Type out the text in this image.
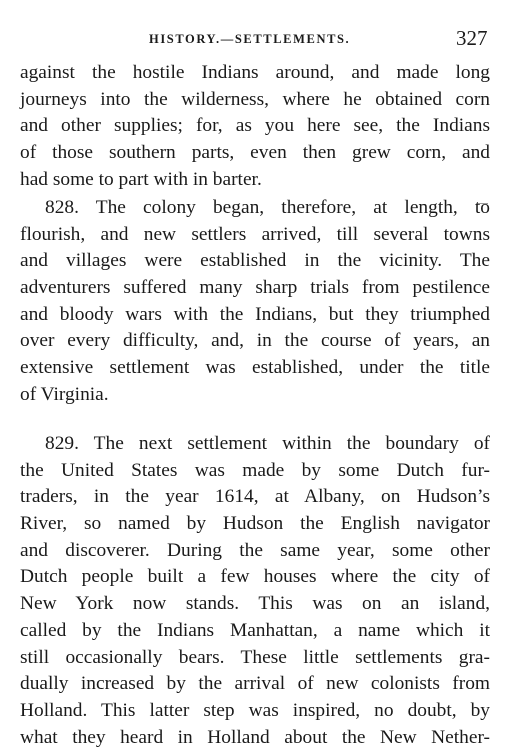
HISTORY.—SETTLEMENTS.	327
against the hostile Indians around, and made long
journeys into the wilderness, where he obtained corn
and other supplies; for, as you here see, the Indians
of those southern parts, even then grew corn, and
had some to part with in barter.
828. The colony began, therefore, at length, to
flourish, and new settlers arrived, till several towns
and villages were established in the vicinity. The
adventurers suffered many sharp trials from pestilence
and bloody wars with the Indians, but they triumphed
over every difficulty, and, in the course of years, an
extensive settlement was established, under the title
of Virginia.
829. The next settlement within the boundary of
the United States was made by some Dutch fur-
traders, in the year 1614, at Albany, on Hudson’s
River, so named by Hudson the English navigator
and discoverer. During the same year, some other
Dutch people built a few houses where the city of
New York now stands. This was on an island,
called by the Indians Manhattan, a name which it
still occasionally bears. These little settlements gra-
dually increased by the arrival of new colonists from
Holland. This latter step was inspired, no doubt, by
what they heard in Holland about the New Nether-
